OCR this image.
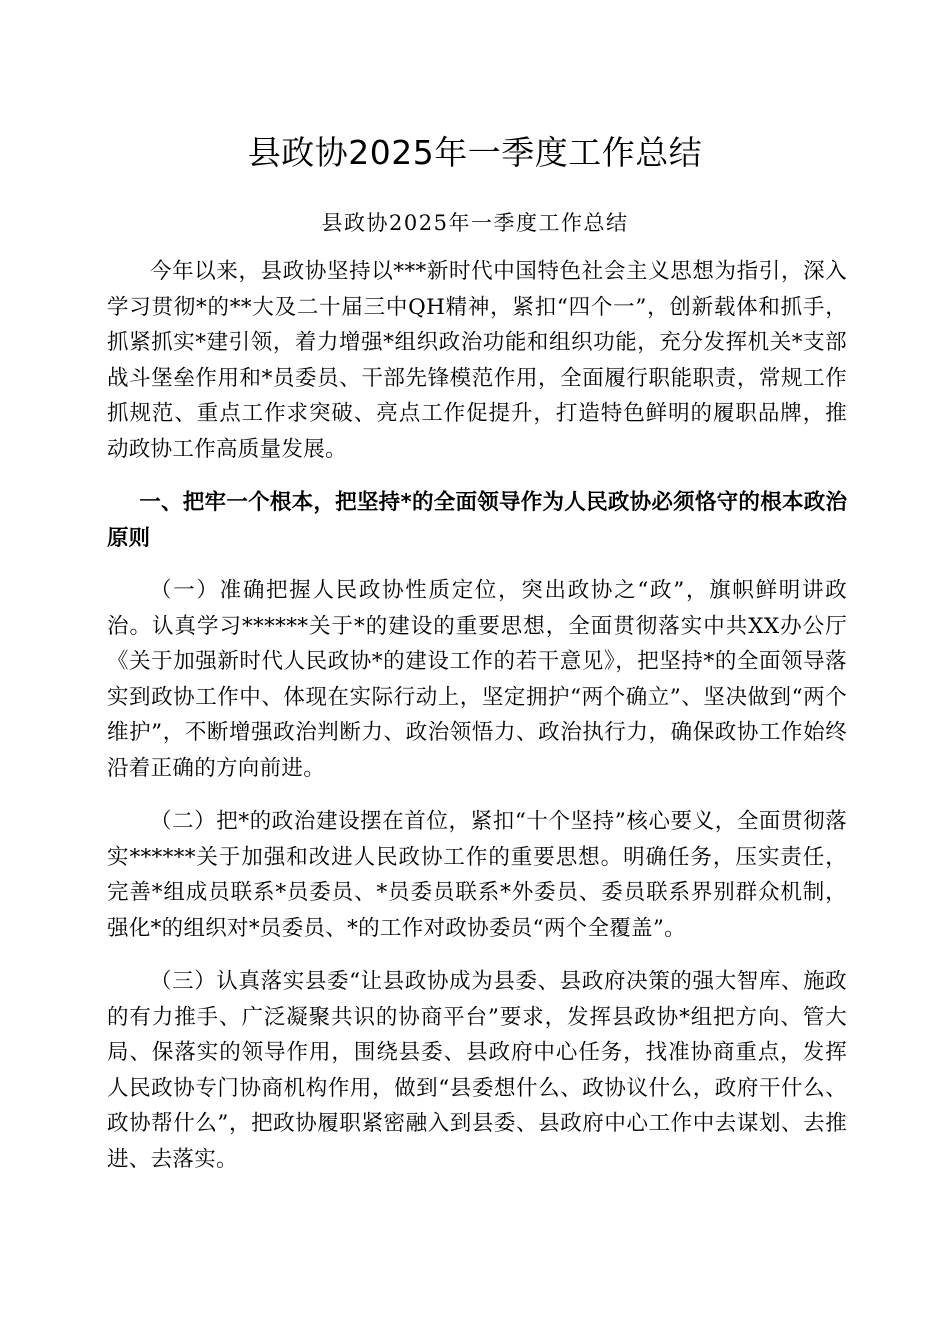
县政协2025年一季度工作总结
县政协2025年一季度工作总结

今年以来，县政协坚持以***新时代中国特色社会主义思想为指引，深入学习贯彻*的**大及二十届三中QH精神，紧扣“四个一”，创新载体和抓手，抓紧抓实*建引领，着力增强*组织政治功能和组织功能，充分发挥机关*支部战斗堡垒作用和*员委员、干部先锋模范作用，全面履行职能职责，常规工作抓规范、重点工作求突破、亮点工作促提升，打造特色鲜明的履职品牌，推动政协工作高质量发展。

一、把牢一个根本，把坚持*的全面领导作为人民政协必须恪守的根本政治原则

（一）准确把握人民政协性质定位，突出政协之“政”，旗帜鲜明讲政治。认真学习******关于*的建设的重要思想，全面贯彻落实中共XX办公厅《关于加强新时代人民政协*的建设工作的若干意见》，把坚持*的全面领导落实到政协工作中、体现在实际行动上，坚定拥护“两个确立”、坚决做到“两个维护”，不断增强政治判断力、政治领悟力、政治执行力，确保政协工作始终沿着正确的方向前进。

（二）把*的政治建设摆在首位，紧扣“十个坚持”核心要义，全面贯彻落实******关于加强和改进人民政协工作的重要思想。明确任务，压实责任，完善*组成员联系*员委员、*员委员联系*外委员、委员联系界别群众机制，强化*的组织对*员委员、*的工作对政协委员“两个全覆盖”。

（三）认真落实县委“让县政协成为县委、县政府决策的强大智库、施政的有力推手、广泛凝聚共识的协商平台”要求，发挥县政协*组把方向、管大局、保落实的领导作用，围绕县委、县政府中心任务，找准协商重点，发挥人民政协专门协商机构作用，做到“县委想什么、政协议什么，政府干什么、政协帮什么”，把政协履职紧密融入到县委、县政府中心工作中去谋划、去推进、去落实。
